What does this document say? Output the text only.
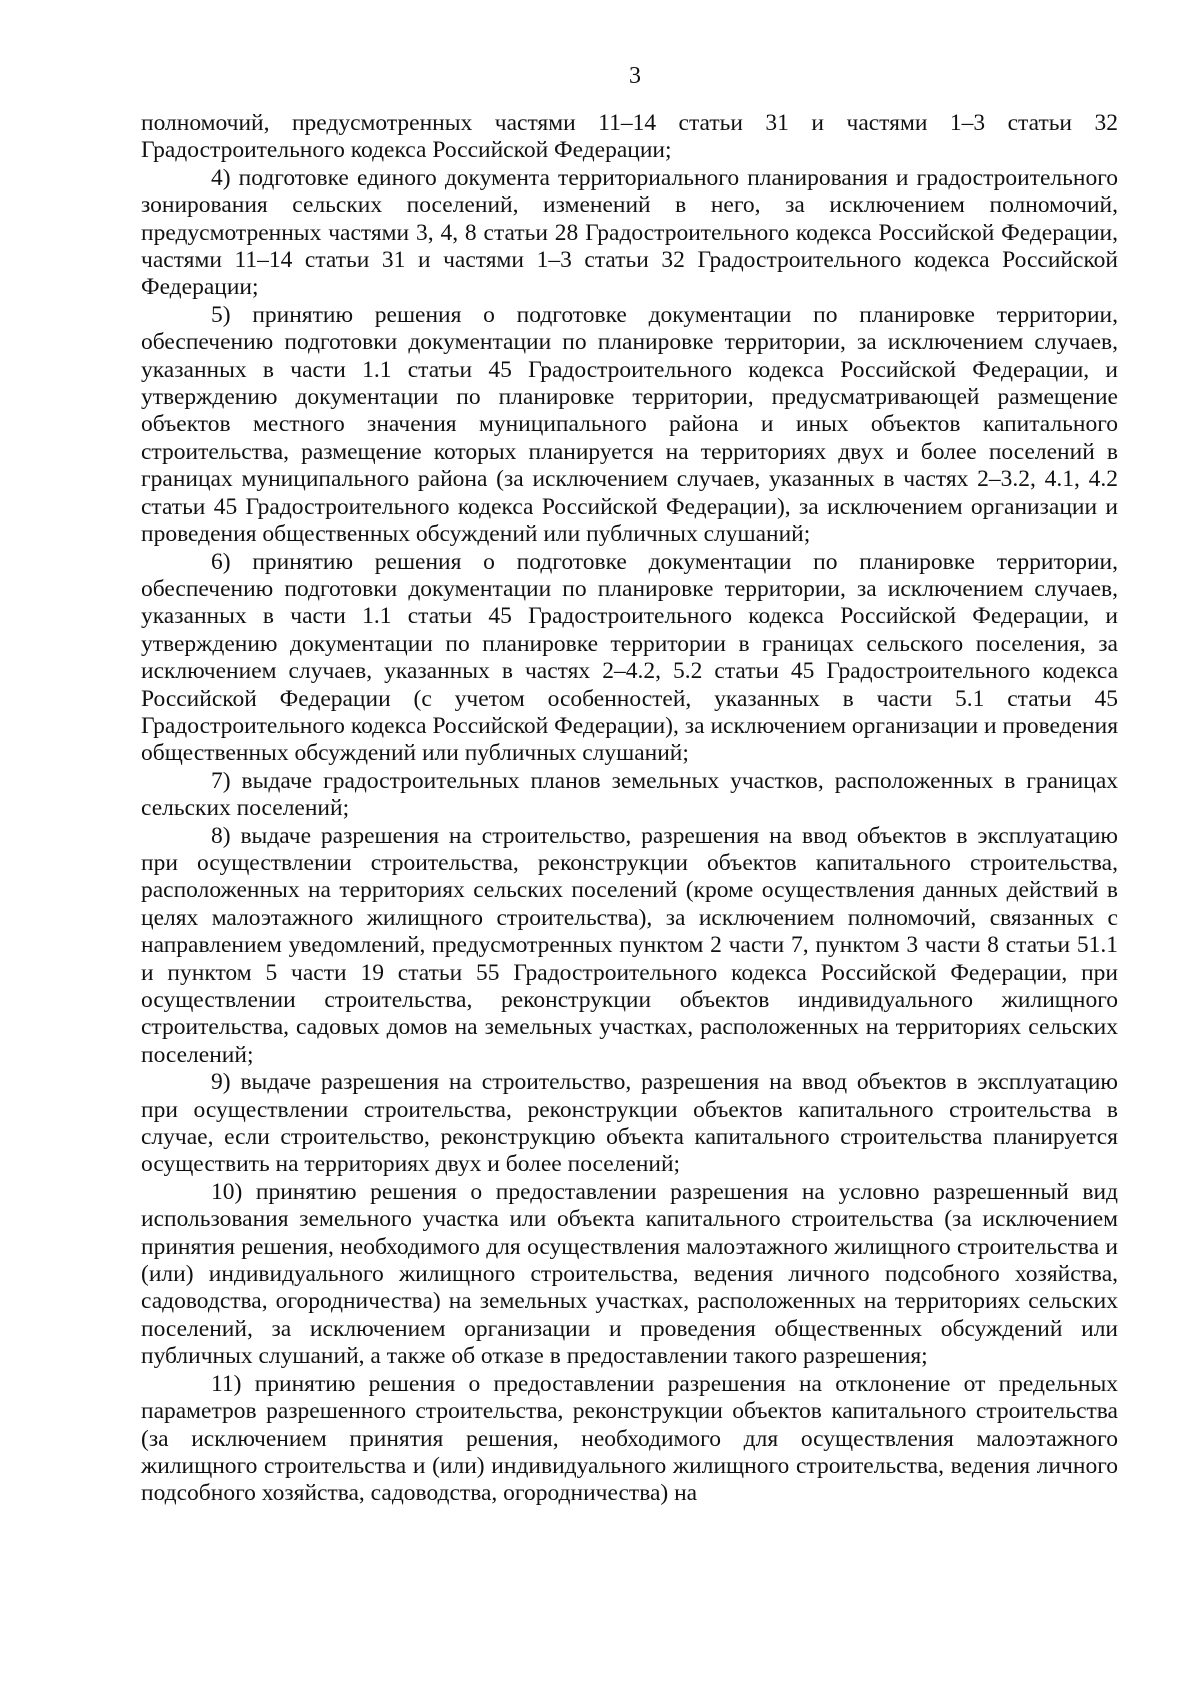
3

полномочий, предусмотренных частями 11–14 статьи 31 и частями 1–3 статьи 32 Градостроительного кодекса Российской Федерации;

4) подготовке единого документа территориального планирования и градостроительного зонирования сельских поселений, изменений в него, за исключением полномочий, предусмотренных частями 3, 4, 8 статьи 28 Градостроительного кодекса Российской Федерации, частями 11–14 статьи 31 и частями 1–3 статьи 32 Градостроительного кодекса Российской Федерации;

5) принятию решения о подготовке документации по планировке территории, обеспечению подготовки документации по планировке территории, за исключением случаев, указанных в части 1.1 статьи 45 Градостроительного кодекса Российской Федерации, и утверждению документации по планировке территории, предусматривающей размещение объектов местного значения муниципального района и иных объектов капитального строительства, размещение которых планируется на территориях двух и более поселений в границах муниципального района (за исключением случаев, указанных в частях 2–3.2, 4.1, 4.2 статьи 45 Градостроительного кодекса Российской Федерации), за исключением организации и проведения общественных обсуждений или публичных слушаний;

6) принятию решения о подготовке документации по планировке территории, обеспечению подготовки документации по планировке территории, за исключением случаев, указанных в части 1.1 статьи 45 Градостроительного кодекса Российской Федерации, и утверждению документации по планировке территории в границах сельского поселения, за исключением случаев, указанных в частях 2–4.2, 5.2 статьи 45 Градостроительного кодекса Российской Федерации (с учетом особенностей, указанных в части 5.1 статьи 45 Градостроительного кодекса Российской Федерации), за исключением организации и проведения общественных обсуждений или публичных слушаний;

7) выдаче градостроительных планов земельных участков, расположенных в границах сельских поселений;

8) выдаче разрешения на строительство, разрешения на ввод объектов в эксплуатацию при осуществлении строительства, реконструкции объектов капитального строительства, расположенных на территориях сельских поселений (кроме осуществления данных действий в целях малоэтажного жилищного строительства), за исключением полномочий, связанных с направлением уведомлений, предусмотренных пунктом 2 части 7, пунктом 3 части 8 статьи 51.1 и пунктом 5 части 19 статьи 55 Градостроительного кодекса Российской Федерации, при осуществлении строительства, реконструкции объектов индивидуального жилищного строительства, садовых домов на земельных участках, расположенных на территориях сельских поселений;

9) выдаче разрешения на строительство, разрешения на ввод объектов в эксплуатацию при осуществлении строительства, реконструкции объектов капитального строительства в случае, если строительство, реконструкцию объекта капитального строительства планируется осуществить на территориях двух и более поселений;

10) принятию решения о предоставлении разрешения на условно разрешенный вид использования земельного участка или объекта капитального строительства (за исключением принятия решения, необходимого для осуществления малоэтажного жилищного строительства и (или) индивидуального жилищного строительства, ведения личного подсобного хозяйства, садоводства, огородничества) на земельных участках, расположенных на территориях сельских поселений, за исключением организации и проведения общественных обсуждений или публичных слушаний, а также об отказе в предоставлении такого разрешения;

11) принятию решения о предоставлении разрешения на отклонение от предельных параметров разрешенного строительства, реконструкции объектов капитального строительства (за исключением принятия решения, необходимого для осуществления малоэтажного жилищного строительства и (или) индивидуального жилищного строительства, ведения личного подсобного хозяйства, садоводства, огородничества) на
